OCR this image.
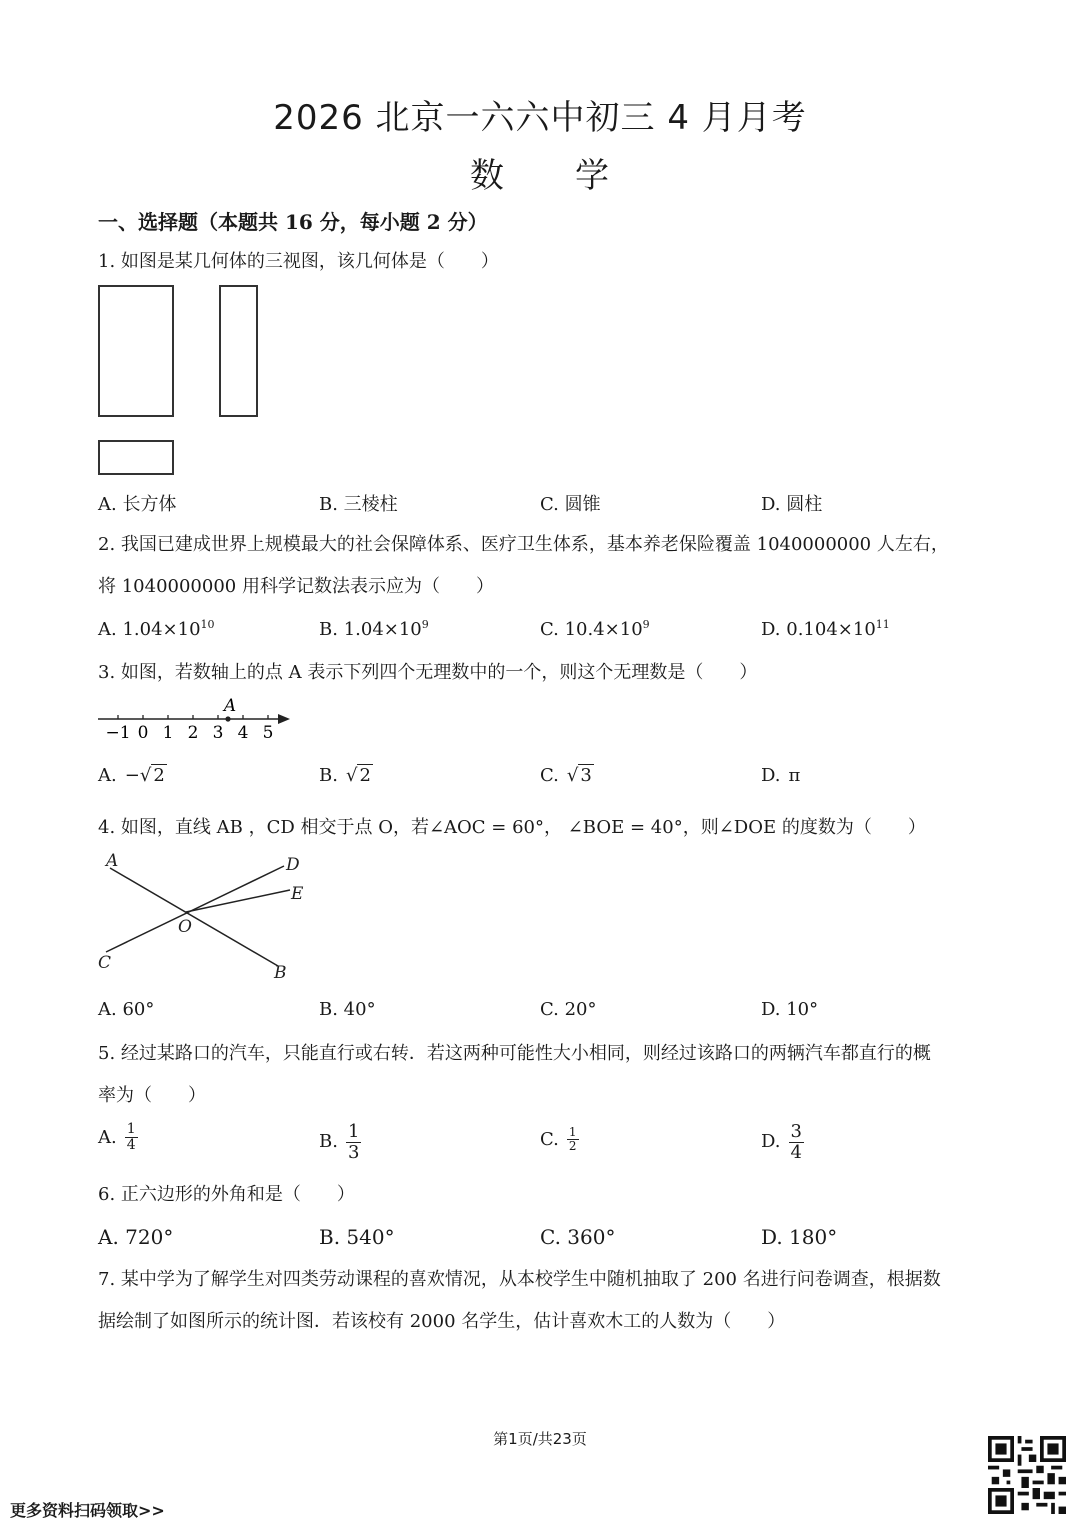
2026 北京一六六中初三 4 月月考
数　　学
一、选择题（本题共 16 分，每小题 2 分）
1. 如图是某几何体的三视图，该几何体是（　　）
A. 长方体	B. 三棱柱	C. 圆锥	D. 圆柱
2. 我国已建成世界上规模最大的社会保障体系、医疗卫生体系，基本养老保险覆盖 1040000000 人左右，
将 1040000000 用科学记数法表示应为（　　）
A. $1.04\times 10^{10}$	B. $1.04\times 10^9$	C. $10.4\times 10^9$	D. $0.104\times 10^{11}$
3. 如图，若数轴上的点 A 表示下列四个无理数中的一个，则这个无理数是（　　）
−1 0 1 2 3 4 5
A
A. −√ 2	B. √ 2	C. √ 3	D. π
4. 如图，直线 AB ，CD 相交于点 O，若∠AOC = 60°， ∠BOE = 40°，则∠DOE 的度数为（　　）
A
B
C
D
E
O
A. 60°	B. 40°	C. 20°	D. 10°
5. 经过某路口的汽车，只能直行或右转．若这两种可能性大小相同，则经过该路口的两辆汽车都直行的概
率为（　　）
A. $\frac{1}{4}$	B. $\frac{1}{3}$	C. $\frac{1}{2}$	D. $\frac{3}{4}$
6. 正六边形的外角和是（　　）
A. 720°	B. 540°	C. 360°	D. 180°
7. 某中学为了解学生对四类劳动课程的喜欢情况，从本校学生中随机抽取了 200 名进行问卷调查，根据数
据绘制了如图所示的统计图．若该校有 2000 名学生，估计喜欢木工的人数为（　　）
第1页/共23页
更多资料扫码领取>>
